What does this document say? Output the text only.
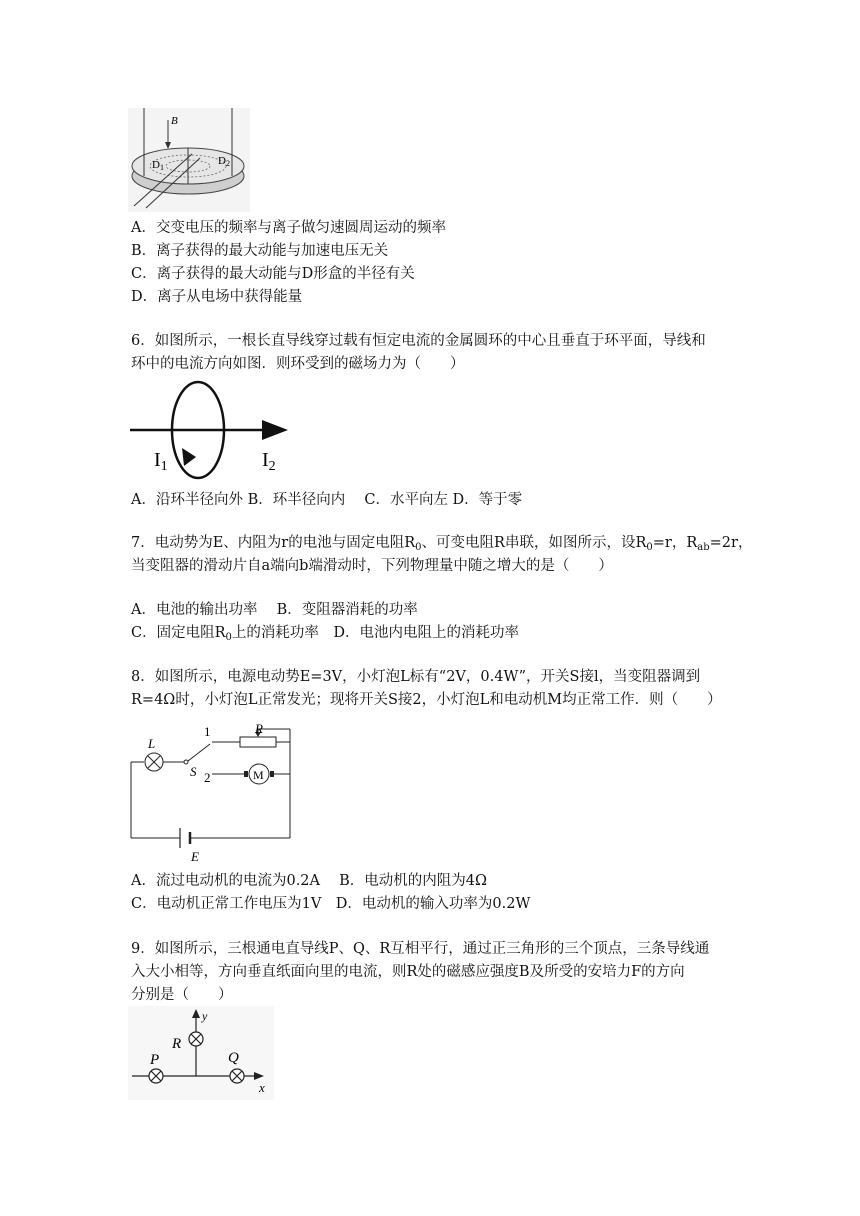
B
D1
D2
A．交变电压的频率与离子做匀速圆周运动的频率
B．离子获得的最大动能与加速电压无关
C．离子获得的最大动能与D形盒的半径有关
D．离子从电场中获得能量
6．如图所示，一根长直导线穿过载有恒定电流的金属圆环的中心且垂直于环平面，导线和
环中的电流方向如图．则环受到的磁场力为（　　）
$I_1$	$I_2$
A．沿环半径向外 B．环半径向内　 C．水平向左 D．等于零
7．电动势为E、内阻为r的电池与固定电阻$R_0$、可变电阻R串联，如图所示，设$R_0=r$，$R_{ab}=2r$，
当变阻器的滑动片自a端向b端滑动时，下列物理量中随之增大的是（　　）
A．电池的输出功率　 B．变阻器消耗的功率
C．固定电阻$R_0$上的消耗功率　D．电池内电阻上的消耗功率
8．如图所示，电源电动势E=3V，小灯泡L标有“2V，0.4W”，开关S接l，当变阻器调到
R=4Ω时，小灯泡L正常发光；现将开关S接2，小灯泡L和电动机M均正常工作．则（　　）
L
R
1
S 2	M
E
A．流过电动机的电流为0.2A　 B．电动机的内阻为4Ω
C．电动机正常工作电压为1V　D．电动机的输入功率为0.2W
9．如图所示，三根通电直导线P、Q、R互相平行，通过正三角形的三个顶点，三条导线通
入大小相等，方向垂直纸面向里的电流，则R处的磁感应强度B及所受的安培力F的方向
分别是（　　）
y
R
P	Q
x
